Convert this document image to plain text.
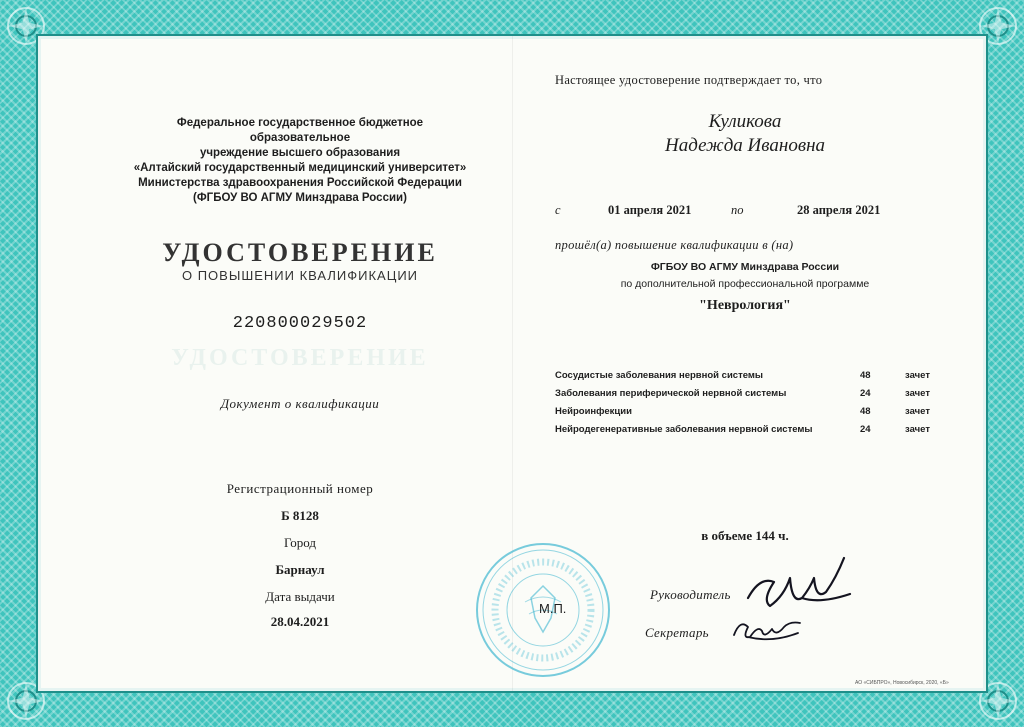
Федеральное государственное бюджетное образовательное
учреждение высшего образования
«Алтайский государственный медицинский университет»
Министерства здравоохранения Российской Федерации
(ФГБОУ ВО АГМУ Минздрава России)
УДОСТОВЕРЕНИЕ
О ПОВЫШЕНИИ КВАЛИФИКАЦИИ
220800029502
УДОСТОВЕРЕНИЕ
Документ о квалификации
Регистрационный номер
Б 8128
Город
Барнаул
Дата выдачи
28.04.2021
М.П.
Настоящее удостоверение подтверждает то, что
Куликова
Надежда Ивановна
с	01 апреля 2021	по	28 апреля 2021
прошёл(а) повышение квалификации в (на)
ФГБОУ ВО АГМУ Минздрава России
по дополнительной профессиональной программе
"Неврология"
Сосудистые заболевания нервной системы	48	зачет
Заболевания периферической нервной системы	24	зачет
Нейроинфекции	48	зачет
Нейродегенеративные заболевания нервной системы	24	зачет
в объеме 144 ч.
Руководитель
Секретарь
АО «СИБПРО», Новосибирск, 2020, «Б»
